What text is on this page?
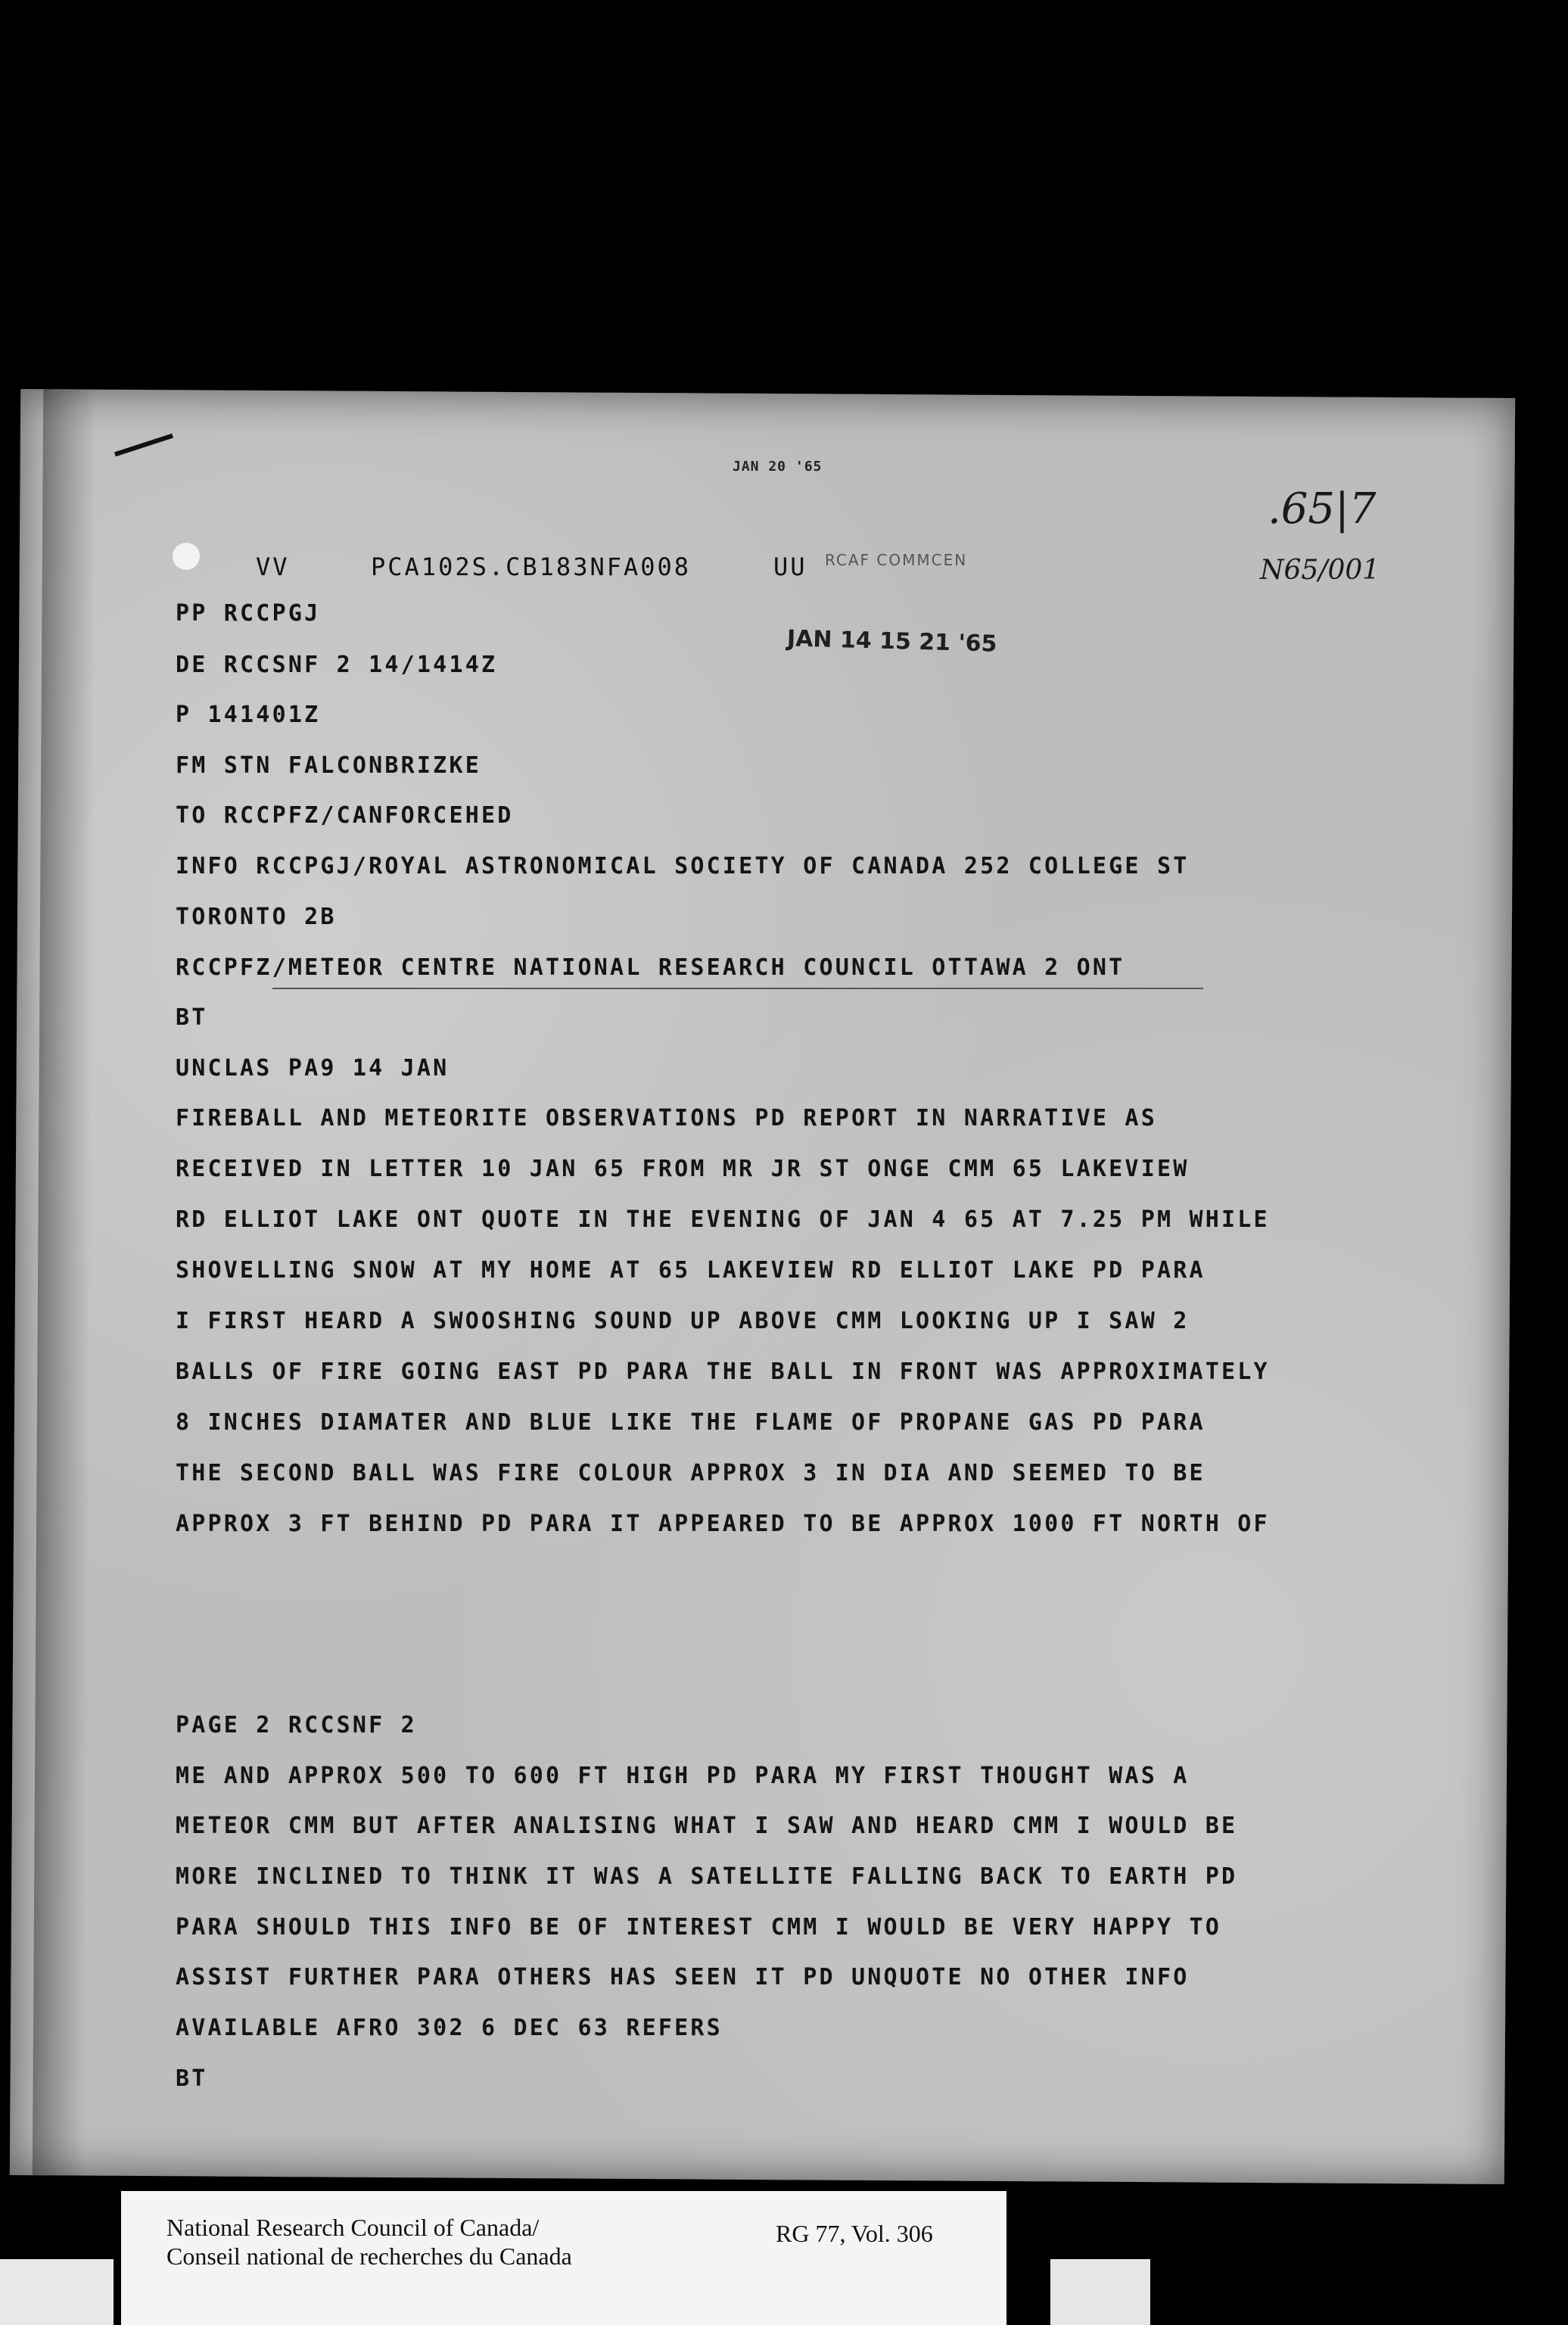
JAN 20 '65
.65|7
N65/001
RCAF COMMCEN
JAN 14 15 21 '65
VV	PCA102S.CB183NFA008	UU
PP RCCPGJ
DE RCCSNF 2 14/1414Z
P 141401Z
FM STN FALCONBRIZKE
TO RCCPFZ/CANFORCEHED
INFO RCCPGJ/ROYAL ASTRONOMICAL SOCIETY OF CANADA 252 COLLEGE ST
TORONTO 2B
RCCPFZ/METEOR CENTRE NATIONAL RESEARCH COUNCIL OTTAWA 2 ONT
BT
UNCLAS PA9 14 JAN
FIREBALL AND METEORITE OBSERVATIONS PD REPORT IN NARRATIVE AS
RECEIVED IN LETTER 10 JAN 65 FROM MR JR ST ONGE CMM 65 LAKEVIEW
RD ELLIOT LAKE ONT QUOTE IN THE EVENING OF JAN 4 65 AT 7.25 PM WHILE
SHOVELLING SNOW AT MY HOME AT 65 LAKEVIEW RD ELLIOT LAKE PD PARA
I FIRST HEARD A SWOOSHING SOUND UP ABOVE CMM LOOKING UP I SAW 2
BALLS OF FIRE GOING EAST PD PARA THE BALL IN FRONT WAS APPROXIMATELY
8 INCHES DIAMATER AND BLUE LIKE THE FLAME OF PROPANE GAS PD PARA
THE SECOND BALL WAS FIRE COLOUR APPROX 3 IN DIA AND SEEMED TO BE
APPROX 3 FT BEHIND PD PARA IT APPEARED TO BE APPROX 1000 FT NORTH OF
PAGE 2 RCCSNF 2
ME AND APPROX 500 TO 600 FT HIGH PD PARA MY FIRST THOUGHT WAS A
METEOR CMM BUT AFTER ANALISING WHAT I SAW AND HEARD CMM I WOULD BE
MORE INCLINED TO THINK IT WAS A SATELLITE FALLING BACK TO EARTH PD
PARA SHOULD THIS INFO BE OF INTEREST CMM I WOULD BE VERY HAPPY TO
ASSIST FURTHER PARA OTHERS HAS SEEN IT PD UNQUOTE NO OTHER INFO
AVAILABLE AFRO 302 6 DEC 63 REFERS
BT
National Research Council of Canada/
Conseil national de recherches du Canada
RG 77, Vol. 306
